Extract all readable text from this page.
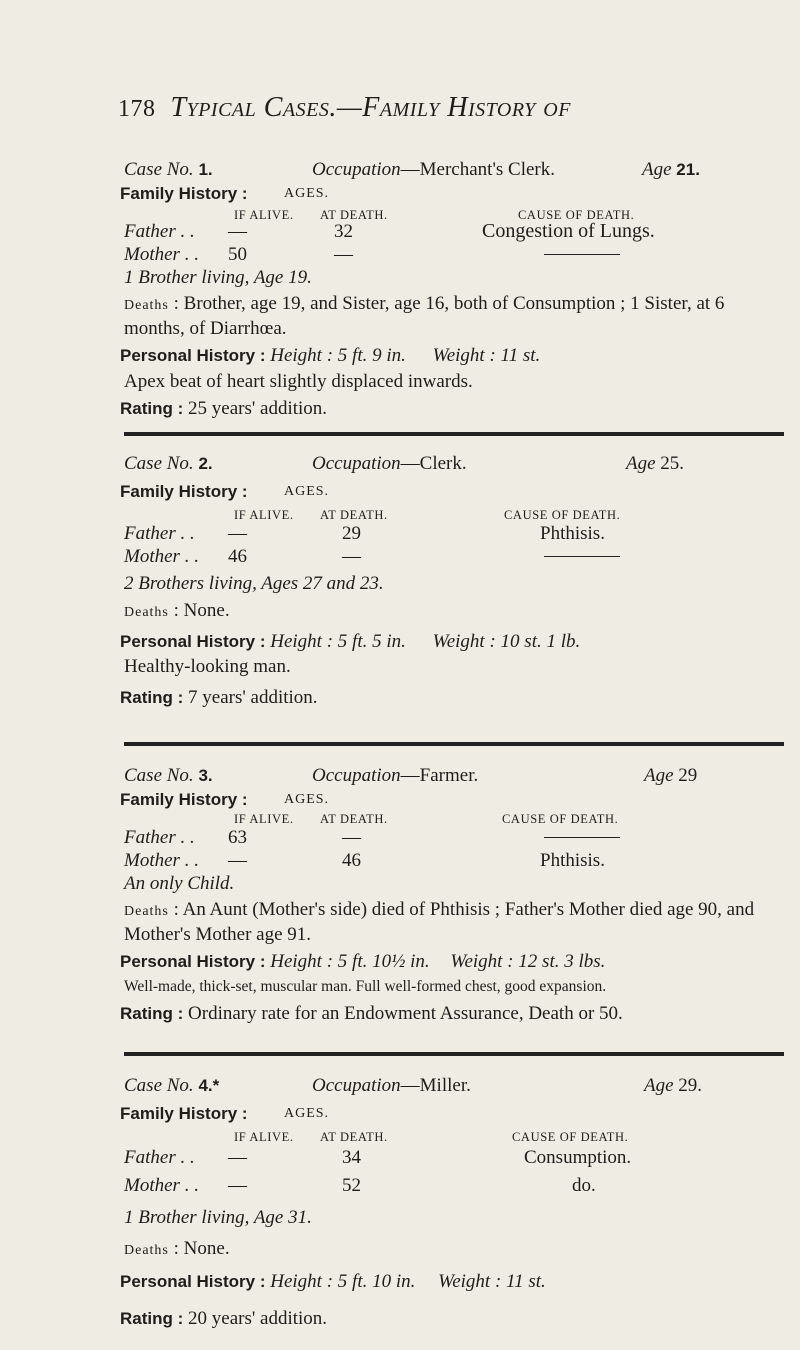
178 Typical Cases.—Family History of
Case No. 1.	Occupation—Merchant's Clerk.	Age 21.
Family History :	AGES.
IF ALIVE. AT DEATH.	CAUSE OF DEATH.
Father . . —	32	Congestion of Lungs.
Mother . . 50	—
1 Brother living, Age 19.
Deaths : Brother, age 19, and Sister, age 16, both of Consumption ; 1 Sister, at 6 months, of Diarrhœa.
Personal History : Height : 5 ft. 9 in. Weight : 11 st.
Apex beat of heart slightly displaced inwards.
Rating : 25 years' addition.
Case No. 2.	Occupation—Clerk.	Age 25.
Family History :	AGES.
IF ALIVE. AT DEATH.	CAUSE OF DEATH.
Father . . —	29	Phthisis.
Mother . . 46	—
2 Brothers living, Ages 27 and 23.
Deaths : None.
Personal History : Height : 5 ft. 5 in. Weight : 10 st. 1 lb.
Healthy-looking man.
Rating : 7 years' addition.
Case No. 3.	Occupation—Farmer.	Age 29
Family History :	AGES.
IF ALIVE. AT DEATH.	CAUSE OF DEATH.
Father . . 63	—
Mother . . —	46	Phthisis.
An only Child.
Deaths : An Aunt (Mother's side) died of Phthisis ; Father's Mother died age 90, and Mother's Mother age 91.
Personal History : Height : 5 ft. 10½ in. Weight : 12 st. 3 lbs.
Well-made, thick-set, muscular man. Full well-formed chest, good expansion.
Rating : Ordinary rate for an Endowment Assurance, Death or 50.
Case No. 4.*	Occupation—Miller.	Age 29.
Family History :	AGES.
IF ALIVE. AT DEATH.	CAUSE OF DEATH.
Father . . —	34	Consumption.
Mother . . —	52	do.
1 Brother living, Age 31.
Deaths : None.
Personal History : Height : 5 ft. 10 in. Weight : 11 st.
Rating : 20 years' addition.
